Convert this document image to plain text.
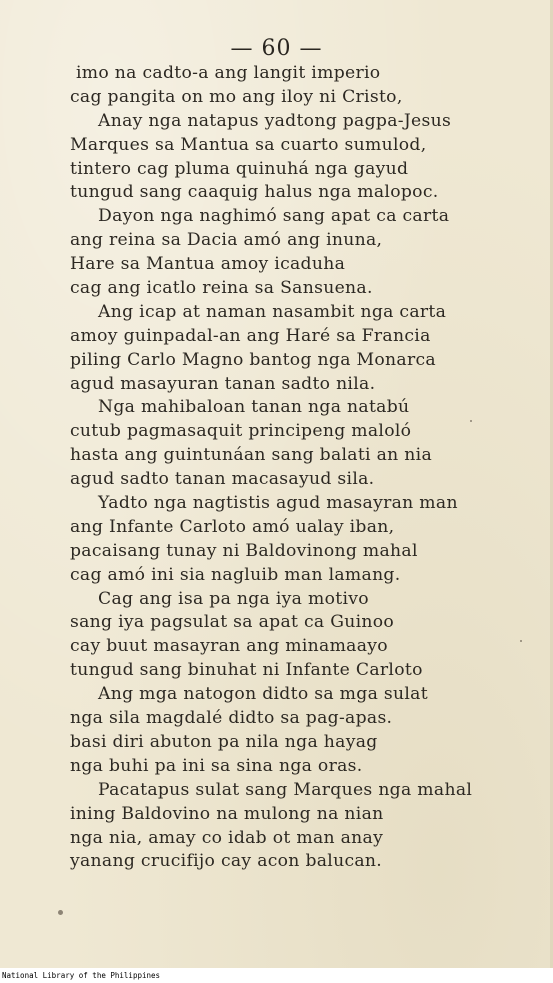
— 60 —
imo na cadto-a ang langit imperio
cag pangita on mo ang iloy ni Cristo,
Anay nga natapus yadtong pagpa-Jesus
Marques sa Mantua sa cuarto sumulod,
tintero cag pluma quinuhá nga gayud
tungud sang caaquig halus nga malopoc.
Dayon nga naghimó sang apat ca carta
ang reina sa Dacia amó ang inuna,
Hare sa Mantua amoy icaduha
cag ang icatlo reina sa Sansuena.
Ang icap at naman nasambit nga carta
amoy guinpadal-an ang Haré sa Francia
piling Carlo Magno bantog nga Monarca
agud masayuran tanan sadto nila.
Nga mahibaloan tanan nga natabú
cutub pagmasaquit principeng maloló
hasta ang guintunáan sang balati an nia
agud sadto tanan macasayud sila.
Yadto nga nagtistis agud masayran man
ang Infante Carloto amó ualay iban,
pacaisang tunay ni Baldovinong mahal
cag amó ini sia nagluib man lamang.
Cag ang isa pa nga iya motivo
sang iya pagsulat sa apat ca Guinoo
cay buut masayran ang minamaayo
tungud sang binuhat ni Infante Carloto
Ang mga natogon didto sa mga sulat
nga sila magdalé didto sa pag-apas.
basi diri abuton pa nila nga hayag
nga buhi pa ini sa sina nga oras.
Pacatapus sulat sang Marques nga mahal
ining Baldovino na mulong na nian
nga nia, amay co idab ot man anay
yanang crucifijo cay acon balucan.
National Library of the Philippines
